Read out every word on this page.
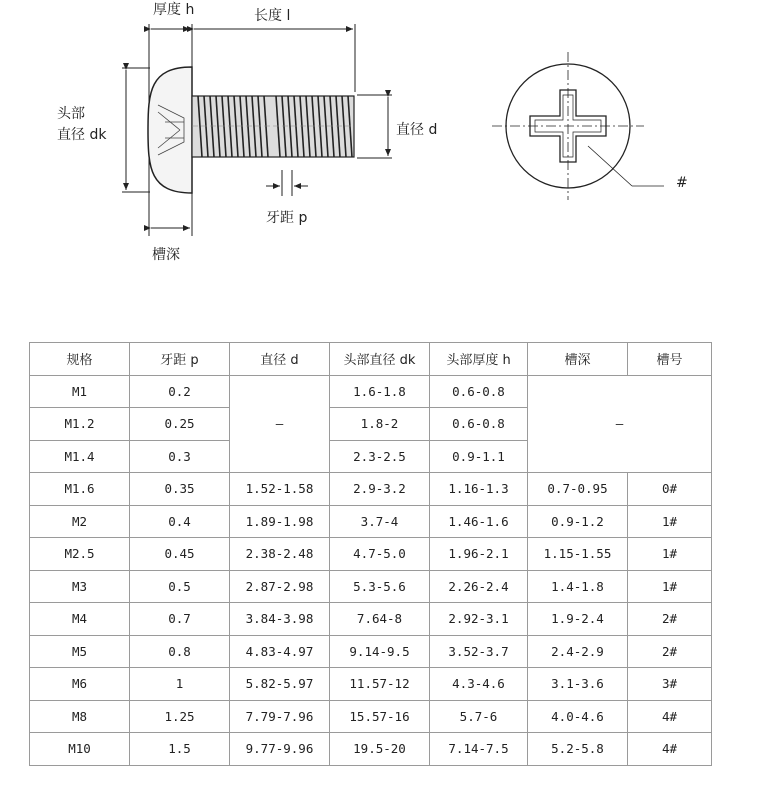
厚度 h	长度 l
头部
直径 dk	直径 d
牙距 p
槽深
#
规格	牙距 p	直径 d	头部直径 dk	头部厚度 h	槽深	槽号
M1	0.2	–	1.6-1.8	0.6-0.8	–	
M1.2	0.25		1.8-2	0.6-0.8		
M1.4	0.3		2.3-2.5	0.9-1.1		
M1.6	0.35	1.52-1.58	2.9-3.2	1.16-1.3	0.7-0.95	0#
M2	0.4	1.89-1.98	3.7-4	1.46-1.6	0.9-1.2	1#
M2.5	0.45	2.38-2.48	4.7-5.0	1.96-2.1	1.15-1.55	1#
M3	0.5	2.87-2.98	5.3-5.6	2.26-2.4	1.4-1.8	1#
M4	0.7	3.84-3.98	7.64-8	2.92-3.1	1.9-2.4	2#
M5	0.8	4.83-4.97	9.14-9.5	3.52-3.7	2.4-2.9	2#
M6	1	5.82-5.97	11.57-12	4.3-4.6	3.1-3.6	3#
M8	1.25	7.79-7.96	15.57-16	5.7-6	4.0-4.6	4#
M10	1.5	9.77-9.96	19.5-20	7.14-7.5	5.2-5.8	4#
